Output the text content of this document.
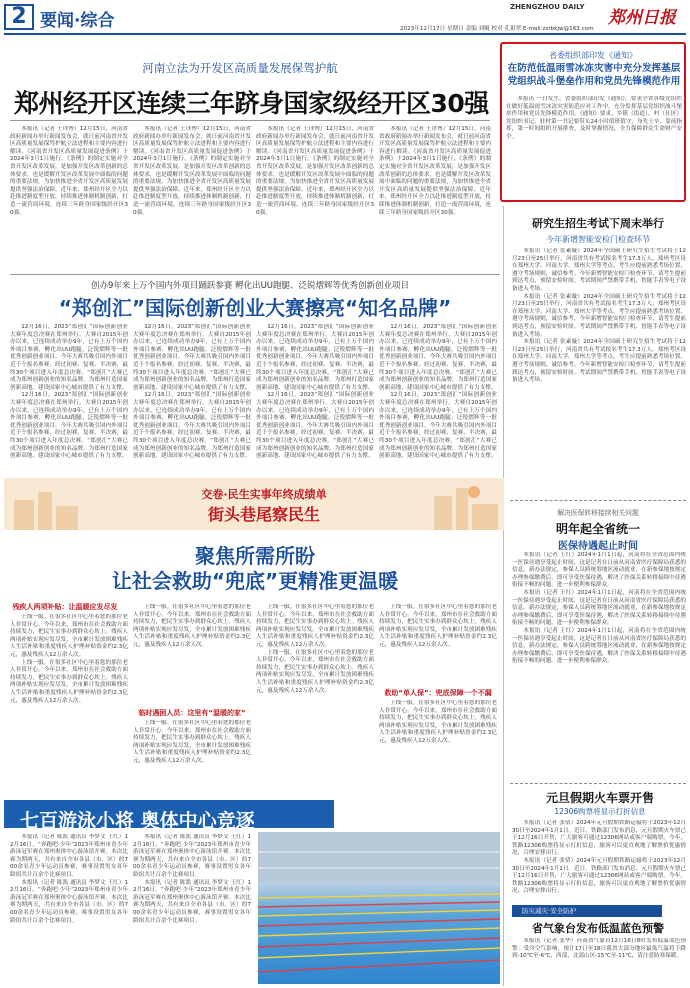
2 要闻·综合
ZHENGZHOU DAILY
郑州日报
2023年12月17日 星期日 责编 刘鲲 校对 孔银翠 E-mail:zzrbkjw@163.com
河南立法为开发区高质量发展保驾护航
郑州经开区连续三年跻身国家级经开区30强

本报讯（记者 王译博）12月15日，河南省政府新闻办举行新闻发布会，就日前河南省开发区高质量发展保驾护航立法进程和主要内容进行解读。《河南省开发区高质量发展促进条例》于2024年3月1日施行，《条例》的制定实施对全省开发区改革发展，是加强开发区改革创新的总体要求，也是缓解开发区改革发展中面临的问题的重要法规，为加快推进全省开发区高质量发展提供坚强法治保障。近年来，郑州经开区全力以赴推进制度型开放，持续推进体制机制创新，打造一流营商环境，连续三年跻身国家级经开区30强。

本报讯（记者 王译博）12月15日，河南省政府新闻办举行新闻发布会，就日前河南省开发区高质量发展保驾护航立法进程和主要内容进行解读。《河南省开发区高质量发展促进条例》于2024年3月1日施行，《条例》的制定实施对全省开发区改革发展，是加强开发区改革创新的总体要求，也是缓解开发区改革发展中面临的问题的重要法规，为加快推进全省开发区高质量发展提供坚强法治保障。近年来，郑州经开区全力以赴推进制度型开放，持续推进体制机制创新，打造一流营商环境，连续三年跻身国家级经开区30强。

本报讯（记者 王译博）12月15日，河南省政府新闻办举行新闻发布会，就日前河南省开发区高质量发展保驾护航立法进程和主要内容进行解读。《河南省开发区高质量发展促进条例》于2024年3月1日施行，《条例》的制定实施对全省开发区改革发展，是加强开发区改革创新的总体要求，也是缓解开发区改革发展中面临的问题的重要法规，为加快推进全省开发区高质量发展提供坚强法治保障。近年来，郑州经开区全力以赴推进制度型开放，持续推进体制机制创新，打造一流营商环境，连续三年跻身国家级经开区30强。

本报讯（记者 王译博）12月15日，河南省政府新闻办举行新闻发布会，就日前河南省开发区高质量发展保驾护航立法进程和主要内容进行解读。《河南省开发区高质量发展促进条例》于2024年3月1日施行，《条例》的制定实施对全省开发区改革发展，是加强开发区改革创新的总体要求，也是缓解开发区改革发展中面临的问题的重要法规，为加快推进全省开发区高质量发展提供坚强法治保障。近年来，郑州经开区全力以赴推进制度型开放，持续推进体制机制创新，打造一流营商环境，连续三年跻身国家级经开区30强。

省委组织部印发《通知》
在防范低温雨雪冰冻灾害中充分发挥基层党组织战斗堡垒作用和党员先锋模范作用

本报讯 一日发生，省委组织部印发《通知》，要求全省各级党组织在做好低温雨雪冰冻灾害防范应对工作中，充分发挥基层党组织战斗堡垒作用和党员先锋模范作用。《通知》要求，乡镇（街道）、村（社区）党组织书记、驻村第一书记要带头24小时值班值守，身先士卒、靠前指挥，第一时间组织开展排查，及时掌握情况，全力保障群众生命财产安全。

研究生招生考试下周末举行
今年新增智能安检门检查环节

本报讯（记者 张素璇）2024年全国硕士研究生招生考试将于12月23日至25日举行，河南省共有考试报名考生17.3万人。郑州考区设在郑州大学、河南大学、郑州大学等考点。考生应提前熟悉考场位置，遵守考场规则，诚信参考。今年新增智能安检门检查环节，请考生提前到达考点，预留安检时间。考试期间严禁携带手机、智能手表等电子设备进入考场。

本报讯（记者 张素璇）2024年全国硕士研究生招生考试将于12月23日至25日举行，河南省共有考试报名考生17.3万人。郑州考区设在郑州大学、河南大学、郑州大学等考点。考生应提前熟悉考场位置，遵守考场规则，诚信参考。今年新增智能安检门检查环节，请考生提前到达考点，预留安检时间。考试期间严禁携带手机、智能手表等电子设备进入考场。

本报讯（记者 张素璇）2024年全国硕士研究生招生考试将于12月23日至25日举行，河南省共有考试报名考生17.3万人。郑州考区设在郑州大学、河南大学、郑州大学等考点。考生应提前熟悉考场位置，遵守考场规则，诚信参考。今年新增智能安检门检查环节，请考生提前到达考点，预留安检时间。考试期间严禁携带手机、智能手表等电子设备进入考场。

解决医保转移接续相关问题
明年起全省统一
医保待遇起止时间

本报讯（记者 王红）2024年1月1日起，河南将在全省范围内统一医保待遇享受起止时间，这是记者在日前从河南省医疗保障局获悉的信息。新办法规定，参保人员跨统筹地区流动就业，在新参保地按规定办理参保缴费后，即可享受医保待遇，解决了医保关系转移接续中待遇衔接不畅的问题，进一步便利参保群众。

本报讯（记者 王红）2024年1月1日起，河南将在全省范围内统一医保待遇享受起止时间，这是记者在日前从河南省医疗保障局获悉的信息。新办法规定，参保人员跨统筹地区流动就业，在新参保地按规定办理参保缴费后，即可享受医保待遇，解决了医保关系转移接续中待遇衔接不畅的问题，进一步便利参保群众。

本报讯（记者 王红）2024年1月1日起，河南将在全省范围内统一医保待遇享受起止时间，这是记者在日前从河南省医疗保障局获悉的信息。新办法规定，参保人员跨统筹地区流动就业，在新参保地按规定办理参保缴费后，即可享受医保待遇，解决了医保关系转移接续中待遇衔接不畅的问题，进一步便利参保群众。

元旦假期火车票开售
12306购票将显示打折信息

本报讯（记者 张倩）2024年元旦假期铁路运输将于2023年12月30日至2024年1月1日。近日，铁路部门发布消息，元旦假期火车票已于12月16日开售，广大旅客可通过12306网站或客户端购票。今年，铁路12306购票将显示打折信息，旅客可以更直观地了解票价优惠情况，合理安排出行。

本报讯（记者 张倩）2024年元旦假期铁路运输将于2023年12月30日至2024年1月1日。近日，铁路部门发布消息，元旦假期火车票已于12月16日开售，广大旅客可通过12306网站或客户端购票。今年，铁路12306购票将显示打折信息，旅客可以更直观地了解票价优惠情况，合理安排出行。

防灾减灾·安全防护
省气象台发布低温蓝色预警

本报讯（记者 张华）河南省气象台12月16日8时发布低温蓝色预警：受冷空气影响，预计17日至18日我省大部分地区最低气温将下降到-10℃至-6℃，西部、北部山区-15℃至-11℃，请注意防寒保暖。

创办9年来上万个国内外项目踊跃参赛 孵化出UU跑腿、泛锐熠辉等优秀创新创业项目
“郑创汇”国际创新创业大赛擦亮“知名品牌”

12月16日，2023“郑创汇”国际创新创业大赛年度总决赛在郑州举行。大赛自2015年创办以来，已连续成功举办9年，已有上万个国内外项目参赛，孵化出UU跑腿、泛锐熠辉等一批优秀创新创业项目。今年大赛共吸引国内外项目近千个报名参赛，经过初赛、复赛、半决赛，最终30个项目进入年度总决赛。“郑创汇”大赛已成为郑州创新创业的知名品牌，为郑州打造国家创新高地、建设国家中心城市提供了有力支撑。

12月16日，2023“郑创汇”国际创新创业大赛年度总决赛在郑州举行。大赛自2015年创办以来，已连续成功举办9年，已有上万个国内外项目参赛，孵化出UU跑腿、泛锐熠辉等一批优秀创新创业项目。今年大赛共吸引国内外项目近千个报名参赛，经过初赛、复赛、半决赛，最终30个项目进入年度总决赛。“郑创汇”大赛已成为郑州创新创业的知名品牌，为郑州打造国家创新高地、建设国家中心城市提供了有力支撑。

12月16日，2023“郑创汇”国际创新创业大赛年度总决赛在郑州举行。大赛自2015年创办以来，已连续成功举办9年，已有上万个国内外项目参赛，孵化出UU跑腿、泛锐熠辉等一批优秀创新创业项目。今年大赛共吸引国内外项目近千个报名参赛，经过初赛、复赛、半决赛，最终30个项目进入年度总决赛。“郑创汇”大赛已成为郑州创新创业的知名品牌，为郑州打造国家创新高地、建设国家中心城市提供了有力支撑。

12月16日，2023“郑创汇”国际创新创业大赛年度总决赛在郑州举行。大赛自2015年创办以来，已连续成功举办9年，已有上万个国内外项目参赛，孵化出UU跑腿、泛锐熠辉等一批优秀创新创业项目。今年大赛共吸引国内外项目近千个报名参赛，经过初赛、复赛、半决赛，最终30个项目进入年度总决赛。“郑创汇”大赛已成为郑州创新创业的知名品牌，为郑州打造国家创新高地、建设国家中心城市提供了有力支撑。

12月16日，2023“郑创汇”国际创新创业大赛年度总决赛在郑州举行。大赛自2015年创办以来，已连续成功举办9年，已有上万个国内外项目参赛，孵化出UU跑腿、泛锐熠辉等一批优秀创新创业项目。今年大赛共吸引国内外项目近千个报名参赛，经过初赛、复赛、半决赛，最终30个项目进入年度总决赛。“郑创汇”大赛已成为郑州创新创业的知名品牌，为郑州打造国家创新高地、建设国家中心城市提供了有力支撑。

12月16日，2023“郑创汇”国际创新创业大赛年度总决赛在郑州举行。大赛自2015年创办以来，已连续成功举办9年，已有上万个国内外项目参赛，孵化出UU跑腿、泛锐熠辉等一批优秀创新创业项目。今年大赛共吸引国内外项目近千个报名参赛，经过初赛、复赛、半决赛，最终30个项目进入年度总决赛。“郑创汇”大赛已成为郑州创新创业的知名品牌，为郑州打造国家创新高地、建设国家中心城市提供了有力支撑。

12月16日，2023“郑创汇”国际创新创业大赛年度总决赛在郑州举行。大赛自2015年创办以来，已连续成功举办9年，已有上万个国内外项目参赛，孵化出UU跑腿、泛锐熠辉等一批优秀创新创业项目。今年大赛共吸引国内外项目近千个报名参赛，经过初赛、复赛、半决赛，最终30个项目进入年度总决赛。“郑创汇”大赛已成为郑州创新创业的知名品牌，为郑州打造国家创新高地、建设国家中心城市提供了有力支撑。

12月16日，2023“郑创汇”国际创新创业大赛年度总决赛在郑州举行。大赛自2015年创办以来，已连续成功举办9年，已有上万个国内外项目参赛，孵化出UU跑腿、泛锐熠辉等一批优秀创新创业项目。今年大赛共吸引国内外项目近千个报名参赛，经过初赛、复赛、半决赛，最终30个项目进入年度总决赛。“郑创汇”大赛已成为郑州创新创业的知名品牌，为郑州打造国家创新高地、建设国家中心城市提供了有力支撑。

交卷·民生实事年终成绩单
街头巷尾察民生
聚焦所需所盼
让社会救助“兜底”更精准更温暖
残疾人两项补贴：让温暖应发尽发

上线一服。在很多社区中心里着您的那位老人非常开心。今年以来，郑州市在社会救助方面持续发力，把民生实事办到群众心坎上。残疾人两项补贴实现应发尽发，全市累计发放困难残疾人生活补贴和重度残疾人护理补贴资金约2.3亿元，惠及残疾人12万余人次。

上线一服。在很多社区中心里着您的那位老人非常开心。今年以来，郑州市在社会救助方面持续发力，把民生实事办到群众心坎上。残疾人两项补贴实现应发尽发，全市累计发放困难残疾人生活补贴和重度残疾人护理补贴资金约2.3亿元，惠及残疾人12万余人次。

上线一服。在很多社区中心里着您的那位老人非常开心。今年以来，郑州市在社会救助方面持续发力，把民生实事办到群众心坎上。残疾人两项补贴实现应发尽发，全市累计发放困难残疾人生活补贴和重度残疾人护理补贴资金约2.3亿元，惠及残疾人12万余人次。

临时遇困人员：这里有“温暖的家”

上线一服。在很多社区中心里着您的那位老人非常开心。今年以来，郑州市在社会救助方面持续发力，把民生实事办到群众心坎上。残疾人两项补贴实现应发尽发，全市累计发放困难残疾人生活补贴和重度残疾人护理补贴资金约2.3亿元，惠及残疾人12万余人次。

上线一服。在很多社区中心里着您的那位老人非常开心。今年以来，郑州市在社会救助方面持续发力，把民生实事办到群众心坎上。残疾人两项补贴实现应发尽发，全市累计发放困难残疾人生活补贴和重度残疾人护理补贴资金约2.3亿元，惠及残疾人12万余人次。

上线一服。在很多社区中心里着您的那位老人非常开心。今年以来，郑州市在社会救助方面持续发力，把民生实事办到群众心坎上。残疾人两项补贴实现应发尽发，全市累计发放困难残疾人生活补贴和重度残疾人护理补贴资金约2.3亿元，惠及残疾人12万余人次。

上线一服。在很多社区中心里着您的那位老人非常开心。今年以来，郑州市在社会救助方面持续发力，把民生实事办到群众心坎上。残疾人两项补贴实现应发尽发，全市累计发放困难残疾人生活补贴和重度残疾人护理补贴资金约2.3亿元，惠及残疾人12万余人次。

救助“单人保”：兜底保障一个不漏

上线一服。在很多社区中心里着您的那位老人非常开心。今年以来，郑州市在社会救助方面持续发力，把民生实事办到群众心坎上。残疾人两项补贴实现应发尽发，全市累计发放困难残疾人生活补贴和重度残疾人护理补贴资金约2.3亿元，惠及残疾人12万余人次。

七百游泳小将 奥体中心竞逐

本报讯（记者 陈凯 通讯员 李梦文 王红）12月16日，“奔跑吧·少年”2023年郑州市青少年游泳冠军赛在郑州奥体中心游泳馆开赛。本次比赛为期两天，共有来自全市各县（市、区）的700余名青少年运动员参赛，赛事设置男女各年龄组共计百余个比赛项目。

本报讯（记者 陈凯 通讯员 李梦文 王红）12月16日，“奔跑吧·少年”2023年郑州市青少年游泳冠军赛在郑州奥体中心游泳馆开赛。本次比赛为期两天，共有来自全市各县（市、区）的700余名青少年运动员参赛，赛事设置男女各年龄组共计百余个比赛项目。

本报讯（记者 陈凯 通讯员 李梦文 王红）12月16日，“奔跑吧·少年”2023年郑州市青少年游泳冠军赛在郑州奥体中心游泳馆开赛。本次比赛为期两天，共有来自全市各县（市、区）的700余名青少年运动员参赛，赛事设置男女各年龄组共计百余个比赛项目。

本报讯（记者 陈凯 通讯员 李梦文 王红）12月16日，“奔跑吧·少年”2023年郑州市青少年游泳冠军赛在郑州奥体中心游泳馆开赛。本次比赛为期两天，共有来自全市各县（市、区）的700余名青少年运动员参赛，赛事设置男女各年龄组共计百余个比赛项目。
